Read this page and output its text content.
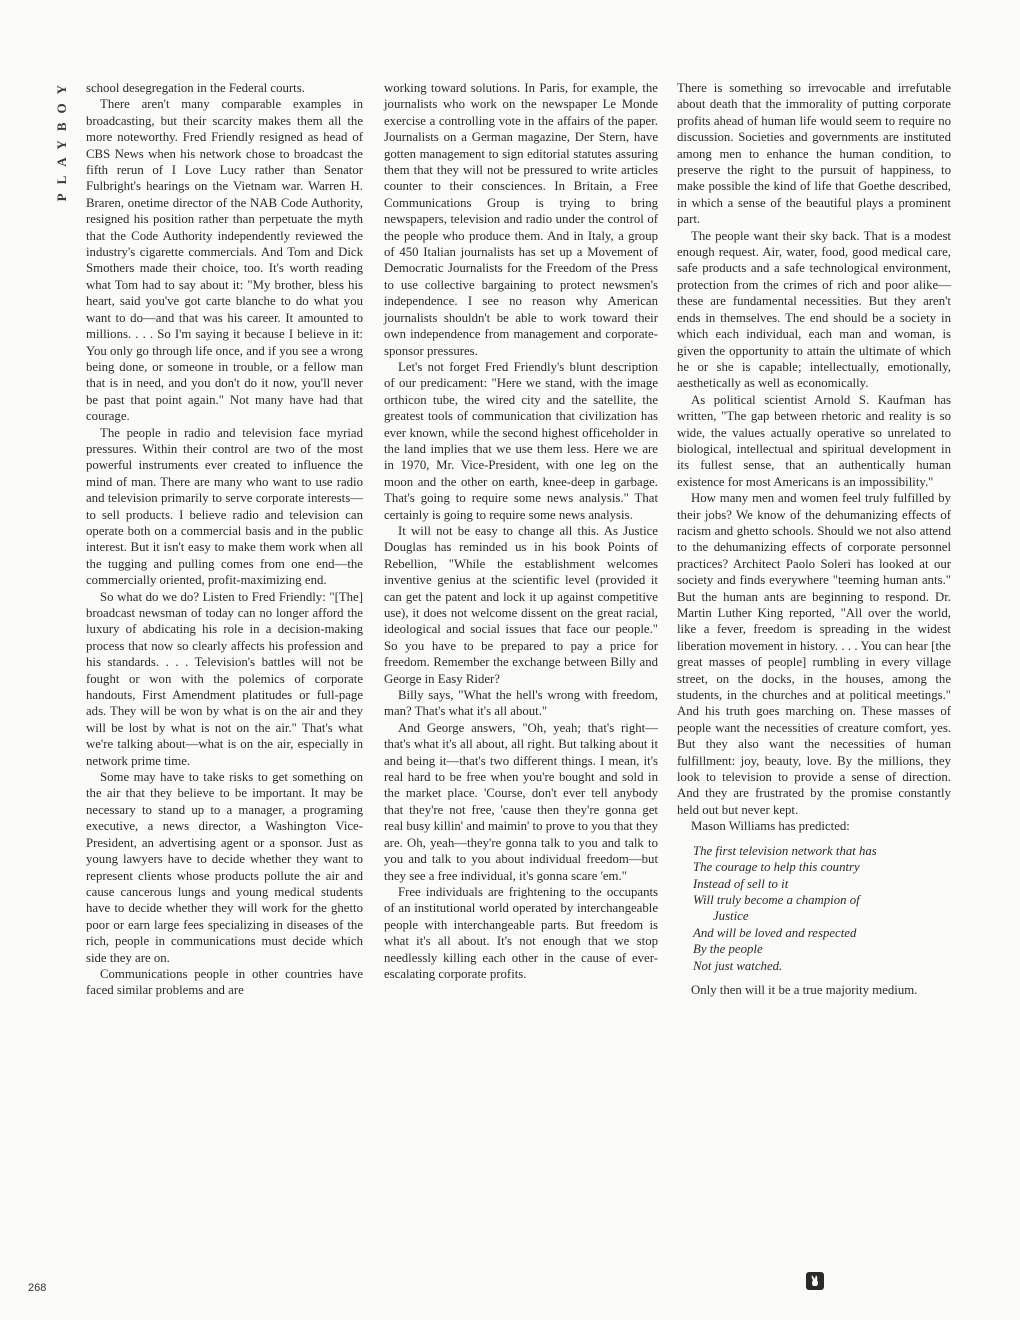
PLAYBOY school desegregation in the Federal courts.

There aren't many comparable examples in broadcasting, but their scarcity makes them all the more noteworthy. Fred Friendly resigned as head of CBS News when his network chose to broadcast the fifth rerun of I Love Lucy rather than Senator Fulbright's hearings on the Vietnam war. Warren H. Braren, onetime director of the NAB Code Authority, resigned his position rather than perpetuate the myth that the Code Authority independently reviewed the industry's cigarette commercials. And Tom and Dick Smothers made their choice, too. It's worth reading what Tom had to say about it: "My brother, bless his heart, said you've got carte blanche to do what you want to do—and that was his career. It amounted to millions. . . . So I'm saying it because I believe in it: You only go through life once, and if you see a wrong being done, or someone in trouble, or a fellow man that is in need, and you don't do it now, you'll never be past that point again." Not many have had that courage.

The people in radio and television face myriad pressures. Within their control are two of the most powerful instruments ever created to influence the mind of man. There are many who want to use radio and television primarily to serve corporate interests—to sell products. I believe radio and television can operate both on a commercial basis and in the public interest. But it isn't easy to make them work when all the tugging and pulling comes from one end—the commercially oriented, profit-maximizing end.

So what do we do? Listen to Fred Friendly: "[The] broadcast newsman of today can no longer afford the luxury of abdicating his role in a decision-making process that now so clearly affects his profession and his standards. . . . Television's battles will not be fought or won with the polemics of corporate handouts, First Amendment platitudes or full-page ads. They will be won by what is on the air and they will be lost by what is not on the air." That's what we're talking about—what is on the air, especially in network prime time.

Some may have to take risks to get something on the air that they believe to be important. It may be necessary to stand up to a manager, a programing executive, a news director, a Washington Vice-President, an advertising agent or a sponsor. Just as young lawyers have to decide whether they want to represent clients whose products pollute the air and cause cancerous lungs and young medical students have to decide whether they will work for the ghetto poor or earn large fees specializing in diseases of the rich, people in communications must decide which side they are on.

Communications people in other countries have faced similar problems and are

working toward solutions. In Paris, for example, the journalists who work on the newspaper Le Monde exercise a controlling vote in the affairs of the paper. Journalists on a German magazine, Der Stern, have gotten management to sign editorial statutes assuring them that they will not be pressured to write articles counter to their consciences. In Britain, a Free Communications Group is trying to bring newspapers, television and radio under the control of the people who produce them. And in Italy, a group of 450 Italian journalists has set up a Movement of Democratic Journalists for the Freedom of the Press to use collective bargaining to protect newsmen's independence. I see no reason why American journalists shouldn't be able to work toward their own independence from management and corporate-sponsor pressures.

Let's not forget Fred Friendly's blunt description of our predicament: "Here we stand, with the image orthicon tube, the wired city and the satellite, the greatest tools of communication that civilization has ever known, while the second highest officeholder in the land implies that we use them less. Here we are in 1970, Mr. Vice-President, with one leg on the moon and the other on earth, knee-deep in garbage. That's going to require some news analysis." That certainly is going to require some news analysis.

It will not be easy to change all this. As Justice Douglas has reminded us in his book Points of Rebellion, "While the establishment welcomes inventive genius at the scientific level (provided it can get the patent and lock it up against competitive use), it does not welcome dissent on the great racial, ideological and social issues that face our people." So you have to be prepared to pay a price for freedom. Remember the exchange between Billy and George in Easy Rider?

Billy says, "What the hell's wrong with freedom, man? That's what it's all about."

And George answers, "Oh, yeah; that's right—that's what it's all about, all right. But talking about it and being it—that's two different things. I mean, it's real hard to be free when you're bought and sold in the market place. 'Course, don't ever tell anybody that they're not free, 'cause then they're gonna get real busy killin' and maimin' to prove to you that they are. Oh, yeah—they're gonna talk to you and talk to you and talk to you about individual freedom—but they see a free individual, it's gonna scare 'em."

Free individuals are frightening to the occupants of an institutional world operated by interchangeable people with interchangeable parts. But freedom is what it's all about. It's not enough that we stop needlessly killing each other in the cause of ever-escalating corporate profits.

There is something so irrevocable and irrefutable about death that the immorality of putting corporate profits ahead of human life would seem to require no discussion. Societies and governments are instituted among men to enhance the human condition, to preserve the right to the pursuit of happiness, to make possible the kind of life that Goethe described, in which a sense of the beautiful plays a prominent part.

The people want their sky back. That is a modest enough request. Air, water, food, good medical care, safe products and a safe technological environment, protection from the crimes of rich and poor alike—these are fundamental necessities. But they aren't ends in themselves. The end should be a society in which each individual, each man and woman, is given the opportunity to attain the ultimate of which he or she is capable; intellectually, emotionally, aesthetically as well as economically.

As political scientist Arnold S. Kaufman has written, "The gap between rhetoric and reality is so wide, the values actually operative so unrelated to biological, intellectual and spiritual development in its fullest sense, that an authentically human existence for most Americans is an impossibility."

How many men and women feel truly fulfilled by their jobs? We know of the dehumanizing effects of racism and ghetto schools. Should we not also attend to the dehumanizing effects of corporate personnel practices? Architect Paolo Soleri has looked at our society and finds everywhere "teeming human ants." But the human ants are beginning to respond. Dr. Martin Luther King reported, "All over the world, like a fever, freedom is spreading in the widest liberation movement in history. . . . You can hear [the great masses of people] rumbling in every village street, on the docks, in the houses, among the students, in the churches and at political meetings." And his truth goes marching on. These masses of people want the necessities of creature comfort, yes. But they also want the necessities of human fulfillment: joy, beauty, love. By the millions, they look to television to provide a sense of direction. And they are frustrated by the promise constantly held out but never kept.

Mason Williams has predicted:

The first television network that has
The courage to help this country
Instead of sell to it
Will truly become a champion of
Justice
And will be loved and respected
By the people
Not just watched.

Only then will it be a true majority medium.

268
